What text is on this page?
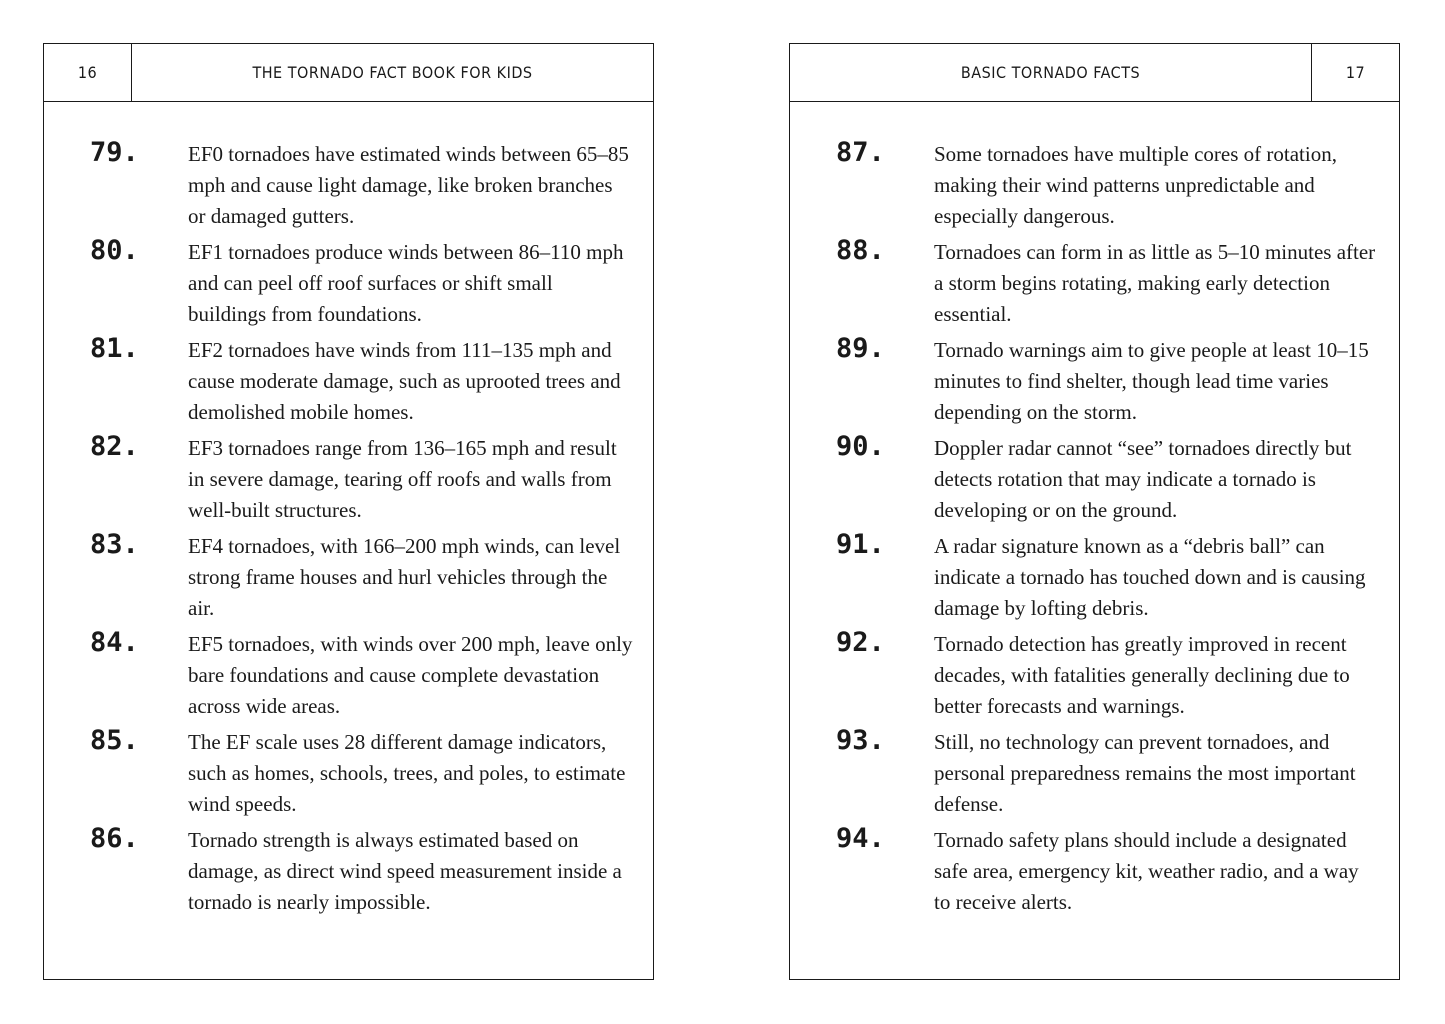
16	THE TORNADO FACT BOOK FOR KIDS
79. EF0 tornadoes have estimated winds between 65–85 mph and cause light damage, like broken branches or damaged gutters.
80. EF1 tornadoes produce winds between 86–110 mph and can peel off roof surfaces or shift small buildings from foundations.
81. EF2 tornadoes have winds from 111–135 mph and cause moderate damage, such as uprooted trees and demolished mobile homes.
82. EF3 tornadoes range from 136–165 mph and result in severe damage, tearing off roofs and walls from well-built structures.
83. EF4 tornadoes, with 166–200 mph winds, can level strong frame houses and hurl vehicles through the air.
84. EF5 tornadoes, with winds over 200 mph, leave only bare foundations and cause complete devastation across wide areas.
85. The EF scale uses 28 different damage indicators, such as homes, schools, trees, and poles, to estimate wind speeds.
86. Tornado strength is always estimated based on damage, as direct wind speed measurement inside a tornado is nearly impossible.
BASIC TORNADO FACTS	17
87. Some tornadoes have multiple cores of rotation, making their wind patterns unpredictable and especially dangerous.
88. Tornadoes can form in as little as 5–10 minutes after a storm begins rotating, making early detection essential.
89. Tornado warnings aim to give people at least 10–15 minutes to find shelter, though lead time varies depending on the storm.
90. Doppler radar cannot “see” tornadoes directly but detects rotation that may indicate a tornado is developing or on the ground.
91. A radar signature known as a “debris ball” can indicate a tornado has touched down and is causing damage by lofting debris.
92. Tornado detection has greatly improved in recent decades, with fatalities generally declining due to better forecasts and warnings.
93. Still, no technology can prevent tornadoes, and personal preparedness remains the most important defense.
94. Tornado safety plans should include a designated safe area, emergency kit, weather radio, and a way to receive alerts.
